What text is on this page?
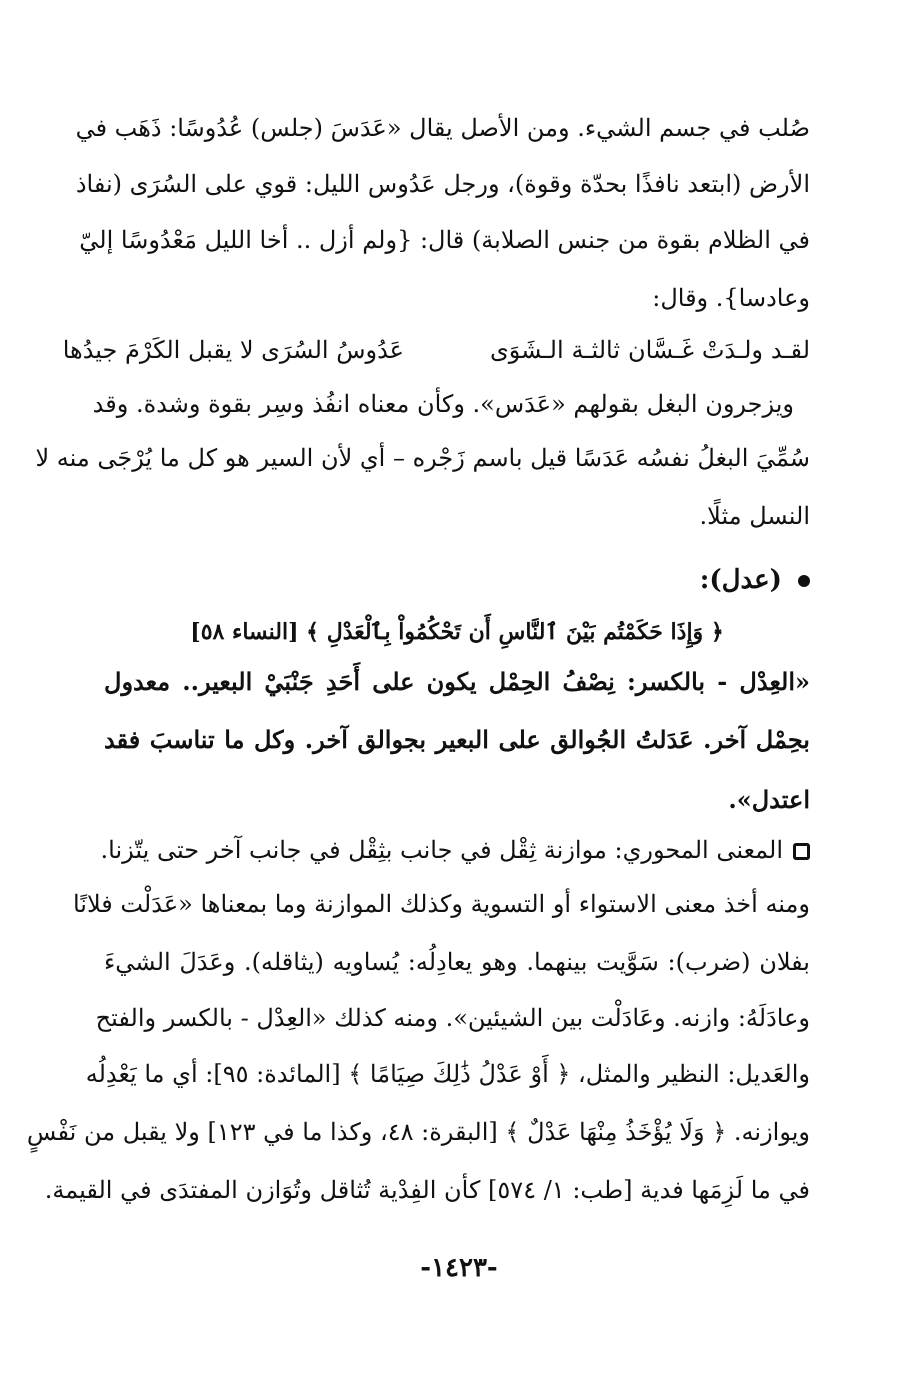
صُلب في جسم الشيء. ومن الأصل يقال «عَدَسَ (جلس) عُدُوسًا: ذَهَب في
الأرض (ابتعد نافذًا بحدّة وقوة)، ورجل عَدُوس الليل: قوي على السُرَى (نفاذ
في الظلام بقوة من جنس الصلابة) قال: {ولم أزل .. أخا الليل مَعْدُوسًا إليّ
وعادسا}. وقال:
لقـد ولـدَتْ غَـسَّان ثالثـة الـشَوَى
عَدُوسُ السُرَى لا يقبل الكَرْمَ جيدُها
ويزجرون البغل بقولهم «عَدَس». وكأن معناه انفُذ وسِر بقوة وشدة. وقد
سُمِّيَ البغلُ نفسُه عَدَسًا قيل باسم زَجْره – أي لأن السير هو كل ما يُرْجَى منه لا
النسل مثلًا.
(عدل):
﴿ وَإِذَا حَكَمْتُم بَيْنَ ٱلنَّاسِ أَن تَحْكُمُواْ بِٱلْعَدْلِ ﴾ [النساء ٥٨]
«العِدْل - بالكسر: نِصْفُ الحِمْل يكون على أَحَدِ جَنْبَيْ البعير.. معدول
بحِمْل آخر. عَدَلتُ الجُوالق على البعير بجوالق آخر. وكل ما تناسبَ فقد
اعتدل».
المعنى المحوري: موازنة ثِقْل في جانب بثِقْل في جانب آخر حتى يتّزنا.
ومنه أخذ معنى الاستواء أو التسوية وكذلك الموازنة وما بمعناها «عَدَلْت فلانًا
بفلان (ضرب): سَوَّيت بينهما. وهو يعادِلُه: يُساويه (يثاقله). وعَدَلَ الشيءَ
وعادَلَهُ: وازنه. وعَادَلْت بين الشيئين». ومنه كذلك «العِدْل - بالكسر والفتح
والعَديل: النظير والمثل، ﴿ أَوْ عَدْلُ ذَٰلِكَ صِيَامًا ﴾ [المائدة: ٩٥]: أي ما يَعْدِلُه
ويوازنه. ﴿ وَلَا يُؤْخَذُ مِنْهَا عَدْلٌ ﴾ [البقرة: ٤٨، وكذا ما في ١٢٣] ولا يقبل من نَفْسٍ
في ما لَزِمَها فدية [طب: ١/ ٥٧٤] كأن الفِدْية تُثاقل وتُوَازن المفتدَى في القيمة.
-١٤٢٣-
